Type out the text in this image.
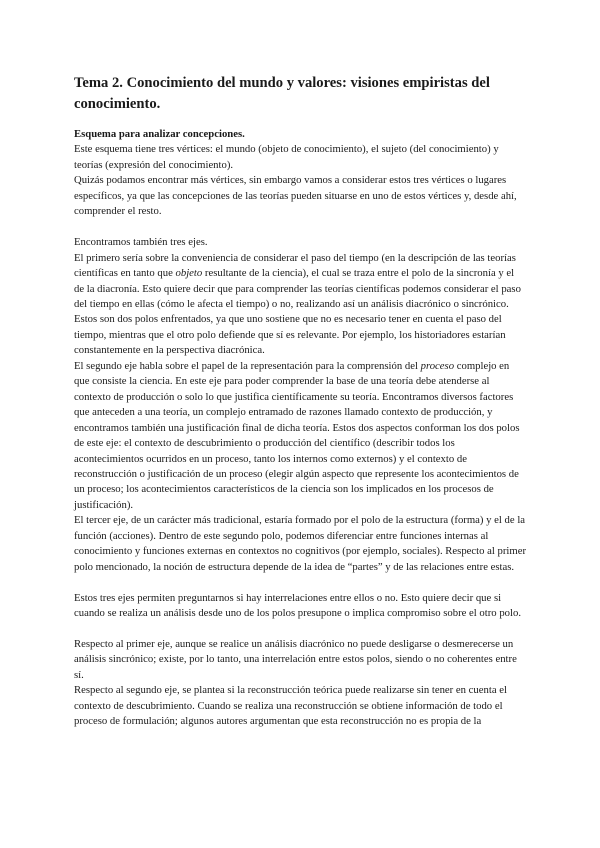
Tema 2. Conocimiento del mundo y valores: visiones empiristas del conocimiento.

Esquema para analizar concepciones.

Este esquema tiene tres vértices: el mundo (objeto de conocimiento), el sujeto (del conocimiento) y teorías (expresión del conocimiento).

Quizás podamos encontrar más vértices, sin embargo vamos a considerar estos tres vértices o lugares específicos, ya que las concepciones de las teorías pueden situarse en uno de estos vértices y, desde ahí, comprender el resto.

Encontramos también tres ejes.

El primero sería sobre la conveniencia de considerar el paso del tiempo (en la descripción de las teorías científicas en tanto que objeto resultante de la ciencia), el cual se traza entre el polo de la sincronía y el de la diacronía. Esto quiere decir que para comprender las teorías científicas podemos considerar el paso del tiempo en ellas (cómo le afecta el tiempo) o no, realizando así un análisis diacrónico o sincrónico. Estos son dos polos enfrentados, ya que uno sostiene que no es necesario tener en cuenta el paso del tiempo, mientras que el otro polo defiende que sí es relevante. Por ejemplo, los historiadores estarían constantemente en la perspectiva diacrónica.

El segundo eje habla sobre el papel de la representación para la comprensión del proceso complejo en que consiste la ciencia. En este eje para poder comprender la base de una teoría debe atenderse al contexto de producción o solo lo que justifica científicamente su teoría. Encontramos diversos factores que anteceden a una teoría, un complejo entramado de razones llamado contexto de producción, y encontramos también una justificación final de dicha teoría. Estos dos aspectos conforman los dos polos de este eje: el contexto de descubrimiento o producción del científico (describir todos los acontecimientos ocurridos en un proceso, tanto los internos como externos) y el contexto de reconstrucción o justificación de un proceso (elegir algún aspecto que represente los acontecimientos de un proceso; los acontecimientos característicos de la ciencia son los implicados en los procesos de justificación).

El tercer eje, de un carácter más tradicional, estaría formado por el polo de la estructura (forma) y el de la función (acciones). Dentro de este segundo polo, podemos diferenciar entre funciones internas al conocimiento y funciones externas en contextos no cognitivos (por ejemplo, sociales). Respecto al primer polo mencionado, la noción de estructura depende de la idea de “partes” y de las relaciones entre estas.

Estos tres ejes permiten preguntarnos si hay interrelaciones entre ellos o no. Esto quiere decir que si cuando se realiza un análisis desde uno de los polos presupone o implica compromiso sobre el otro polo.

Respecto al primer eje, aunque se realice un análisis diacrónico no puede desligarse o desmerecerse un análisis sincrónico; existe, por lo tanto, una interrelación entre estos polos, siendo o no coherentes entre sí.

Respecto al segundo eje, se plantea si la reconstrucción teórica puede realizarse sin tener en cuenta el contexto de descubrimiento. Cuando se realiza una reconstrucción se obtiene información de todo el proceso de formulación; algunos autores argumentan que esta reconstrucción no es propia de la
